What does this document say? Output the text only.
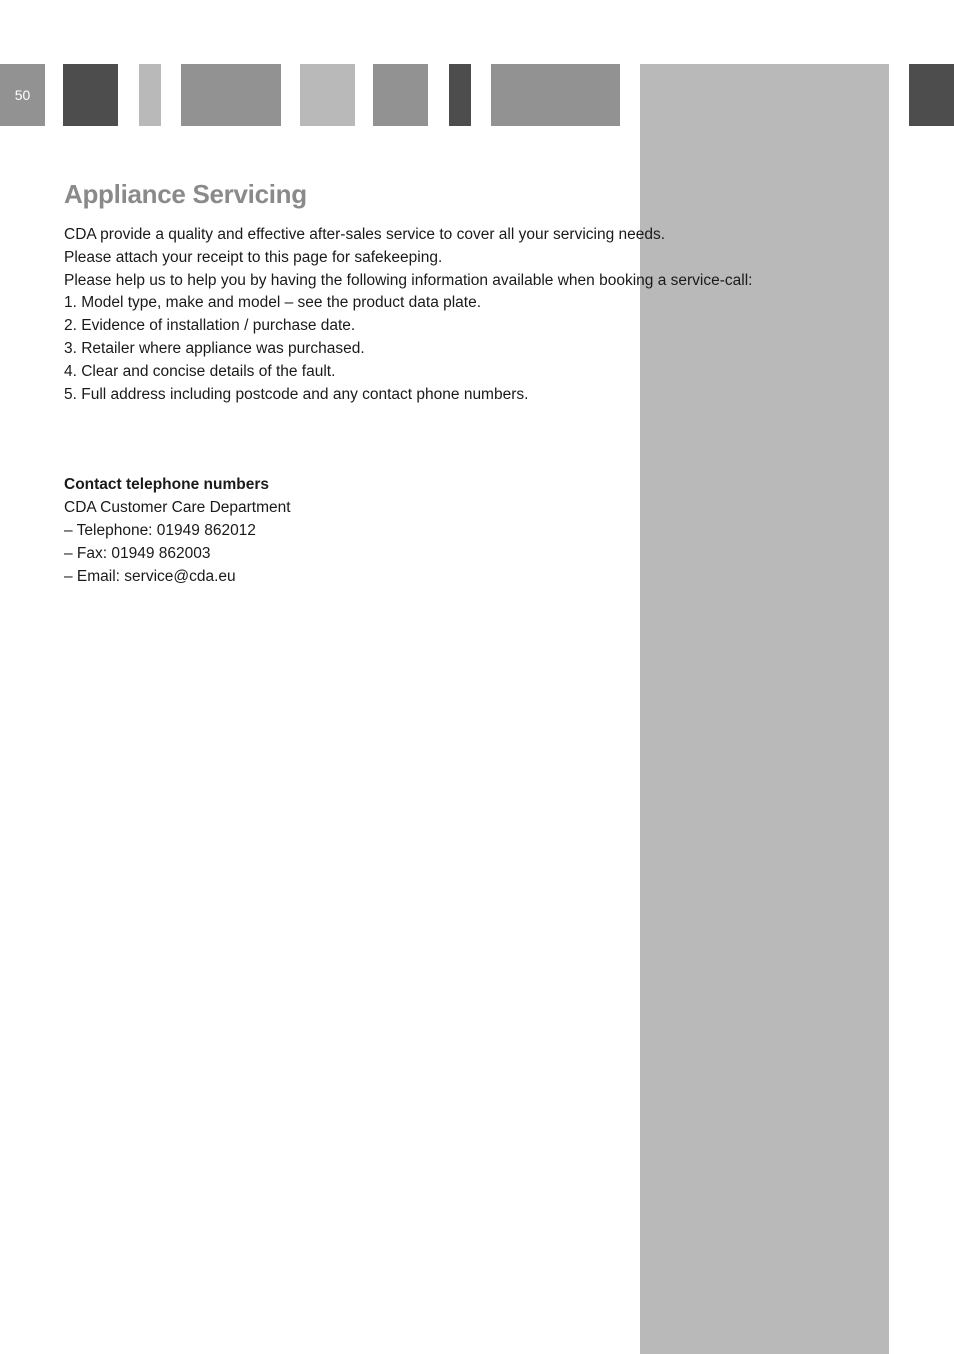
50
Appliance Servicing
CDA provide a quality and effective after-sales service to cover all your servicing needs.
Please attach your receipt to this page for safekeeping.
Please help us to help you by having the following information available when booking a service-call:
1. Model type, make and model – see the product data plate.
2. Evidence of installation / purchase date.
3. Retailer where appliance was purchased.
4. Clear and concise details of the fault.
5. Full address including postcode and any contact phone numbers.
Contact telephone numbers
CDA Customer Care Department
– Telephone: 01949 862012
– Fax: 01949 862003
– Email: service@cda.eu
